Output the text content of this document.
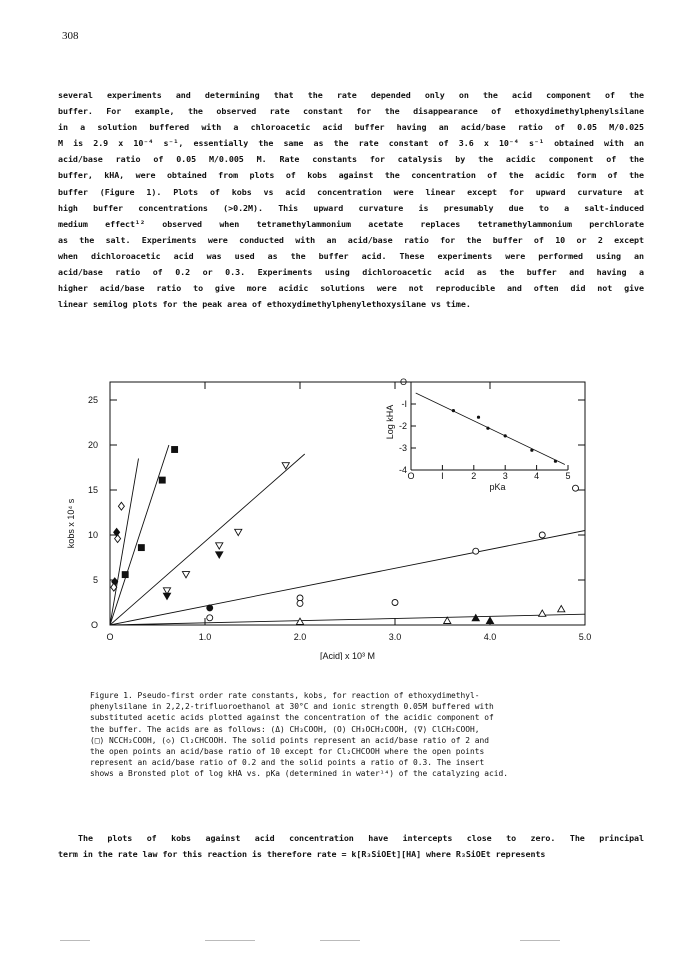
308
several experiments and determining that the rate depended only on the acid component of the
buffer. For example, the observed rate constant for the disappearance of ethoxydimethylphenylsilane
in a solution buffered with a chloroacetic acid buffer having an acid/base ratio of 0.05 M/0.025
M is 2.9 x 10⁻⁴ s⁻¹, essentially the same as the rate constant of 3.6 x 10⁻⁴ s⁻¹ obtained with an
acid/base ratio of 0.05 M/0.005 M. Rate constants for catalysis by the acidic component of the
buffer, kHA, were obtained from plots of kobs against the concentration of the acidic form of the
buffer (Figure 1). Plots of kobs vs acid concentration were linear except for upward curvature at
high buffer concentrations (>0.2M). This upward curvature is presumably due to a salt-induced
medium effect¹² observed when tetramethylammonium acetate replaces tetramethylammonium perchlorate
as the salt. Experiments were conducted with an acid/base ratio for the buffer of 10 or 2 except
when dichloroacetic acid was used as the buffer acid. These experiments were performed using an
acid/base ratio of 0.2 or 0.3. Experiments using dichloroacetic acid as the buffer and having a
higher acid/base ratio to give more acidic solutions were not reproducible and often did not give
linear semilog plots for the peak area of ethoxydimethylphenylethoxysilane vs time.
O
5
10
15
20
25
O	1.0	2.0	3.0	4.0	5.0
[Acid] x 10³ M
kobs x 10⁴ s
O
-I
-2
-3
-4
O	I	2	3	4	5
pKa
Log kHA
Figure 1. Pseudo-first order rate constants, kobs, for reaction of ethoxydimethyl-
phenylsilane in 2,2,2-trifluoroethanol at 30°C and ionic strength 0.05M buffered with
substituted acetic acids plotted against the concentration of the acidic component of
the buffer. The acids are as follows: (Δ) CH₃COOH, (O) CH₃OCH₂COOH, (∇) ClCH₂COOH,
(□) NCCH₂COOH, (◇) Cl₂CHCOOH. The solid points represent an acid/base ratio of 2 and
the open points an acid/base ratio of 10 except for Cl₂CHCOOH where the open points
represent an acid/base ratio of 0.2 and the solid points a ratio of 0.3. The insert
shows a Bronsted plot of log kHA vs. pKa (determined in water¹⁴) of the catalyzing acid.
The plots of kobs against acid concentration have intercepts close to zero. The principal
term in the rate law for this reaction is therefore rate = k[R₃SiOEt][HA] where R₃SiOEt represents
